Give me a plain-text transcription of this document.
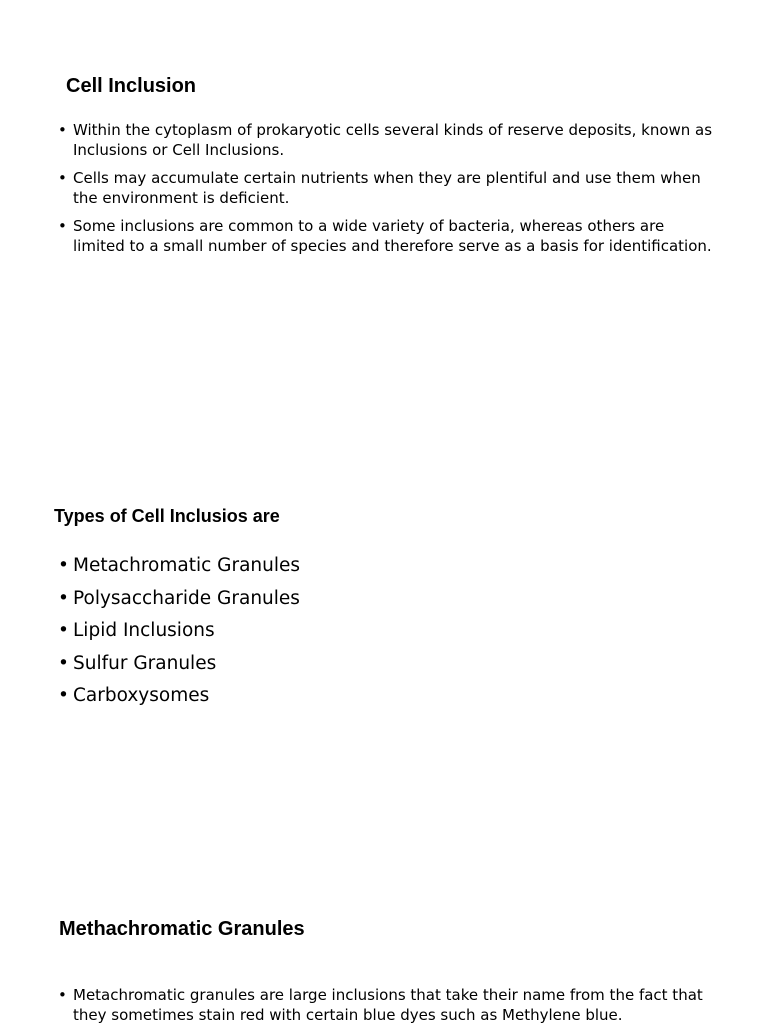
Cell Inclusion
• Within the cytoplasm of prokaryotic cells several kinds of reserve deposits, known as Inclusions or Cell Inclusions.
• Cells may accumulate certain nutrients when they are plentiful and use them when the environment is deficient.
• Some inclusions are common to a wide variety of bacteria, whereas others are limited to a small number of species and therefore serve as a basis for identification.
Types of Cell Inclusios are
• Metachromatic Granules
• Polysaccharide Granules
• Lipid Inclusions
• Sulfur Granules
• Carboxysomes
Methachromatic Granules
• Metachromatic granules are large inclusions that take their name from the fact that they sometimes stain red with certain blue dyes such as Methylene blue.
